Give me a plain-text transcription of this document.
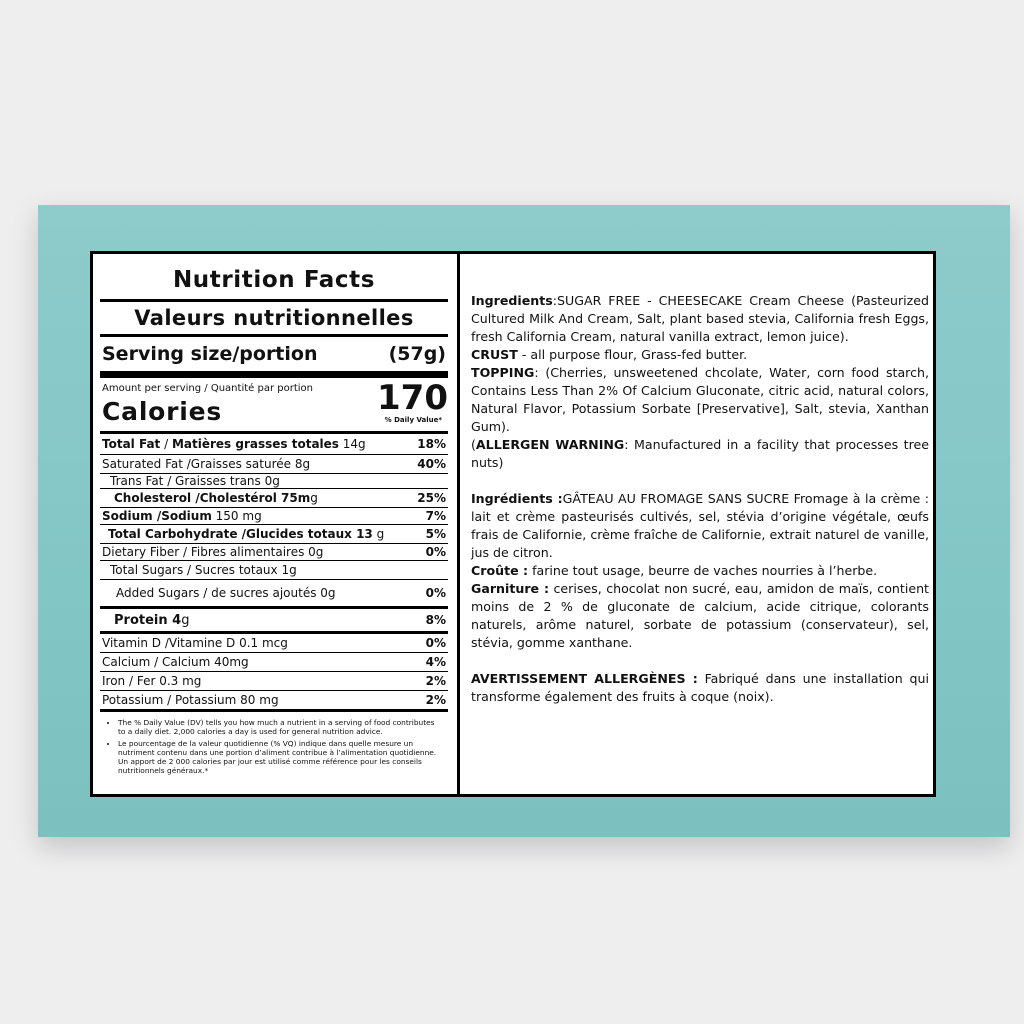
Nutrition Facts
Valeurs nutritionnelles
Serving size/portion	(57g)
Amount per serving / Quantité par portion
Calories	170
% Daily Value*
Total Fat / Matières grasses totales 14g	18%
Saturated Fat /Graisses saturée 8g	40%
Trans Fat / Graisses trans 0g
Cholesterol /Cholestérol 75mg	25%
Sodium /Sodium 150 mg	7%
Total Carbohydrate /Glucides totaux 13 g	5%
Dietary Fiber / Fibres alimentaires 0g	0%
Total Sugars / Sucres totaux 1g
Added Sugars / de sucres ajoutés 0g	0%
Protein 4g	8%
Vitamin D /Vitamine D 0.1 mcg	0%
Calcium / Calcium 40mg	4%
Iron / Fer 0.3 mg	2%
Potassium / Potassium 80 mg	2%
• The % Daily Value (DV) tells you how much a nutrient in a serving of food contributes to a daily diet. 2,000 calories a day is used for general nutrition advice.
• Le pourcentage de la valeur quotidienne (% VQ) indique dans quelle mesure un nutriment contenu dans une portion d’aliment contribue à l’alimentation quotidienne. Un apport de 2 000 calories par jour est utilisé comme référence pour les conseils nutritionnels généraux.*

Ingredients:SUGAR FREE - CHEESECAKE Cream Cheese (Pasteurized Cultured Milk And Cream, Salt, plant based stevia, California fresh Eggs, fresh California Cream, natural vanilla extract, lemon juice).

CRUST - all purpose flour, Grass-fed butter.

TOPPING: (Cherries, unsweetened chcolate, Water, corn food starch, Contains Less Than 2% Of Calcium Gluconate, citric acid, natural colors, Natural Flavor, Potassium Sorbate [Preservative], Salt, stevia, Xanthan Gum).

(ALLERGEN WARNING: Manufactured in a facility that processes tree nuts)

Ingrédients :GÂTEAU AU FROMAGE SANS SUCRE Fromage à la crème : lait et crème pasteurisés cultivés, sel, stévia d’origine végétale, œufs frais de Californie, crème fraîche de Californie, extrait naturel de vanille, jus de citron.

Croûte : farine tout usage, beurre de vaches nourries à l’herbe.

Garniture : cerises, chocolat non sucré, eau, amidon de maïs, contient moins de 2 % de gluconate de calcium, acide citrique, colorants naturels, arôme naturel, sorbate de potassium (conservateur), sel, stévia, gomme xanthane.

AVERTISSEMENT ALLERGÈNES : Fabriqué dans une installation qui transforme également des fruits à coque (noix).
